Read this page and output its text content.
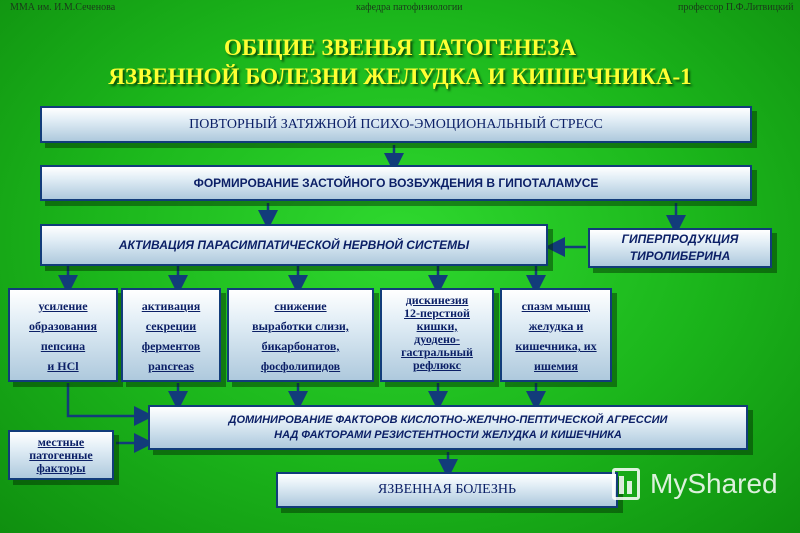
ММА им. И.М.Сеченова	кафедра патофизиологии	профессор П.Ф.Литвицкий
ОБЩИЕ ЗВЕНЬЯ ПАТОГЕНЕЗА
ЯЗВЕННОЙ БОЛЕЗНИ ЖЕЛУДКА И КИШЕЧНИКА-1
ПОВТОРНЫЙ ЗАТЯЖНОЙ ПСИХО-ЭМОЦИОНАЛЬНЫЙ СТРЕСС
ФОРМИРОВАНИЕ ЗАСТОЙНОГО ВОЗБУЖДЕНИЯ В ГИПОТАЛАМУСЕ
АКТИВАЦИЯ ПАРАСИМПАТИЧЕСКОЙ НЕРВНОЙ СИСТЕМЫ	ГИПЕРПРОДУКЦИЯ
ТИРОЛИБЕРИНА
усиление
образования
пепсина
и HCl
активация
секреции
ферментов
pancreas
снижение
выработки слизи,
бикарбонатов,
фосфолипидов
дискинезия
12-перстной
кишки,
дуодено-
гастральный
рефлюкс
спазм мышц
желудка и
кишечника, их
ишемия
ДОМИНИРОВАНИЕ ФАКТОРОВ КИСЛОТНО-ЖЕЛЧНО-ПЕПТИЧЕСКОЙ АГРЕССИИ
НАД ФАКТОРАМИ РЕЗИСТЕНТНОСТИ ЖЕЛУДКА И КИШЕЧНИКА
местные
патогенные
факторы
ЯЗВЕННАЯ БОЛЕЗНЬ	MyShared
